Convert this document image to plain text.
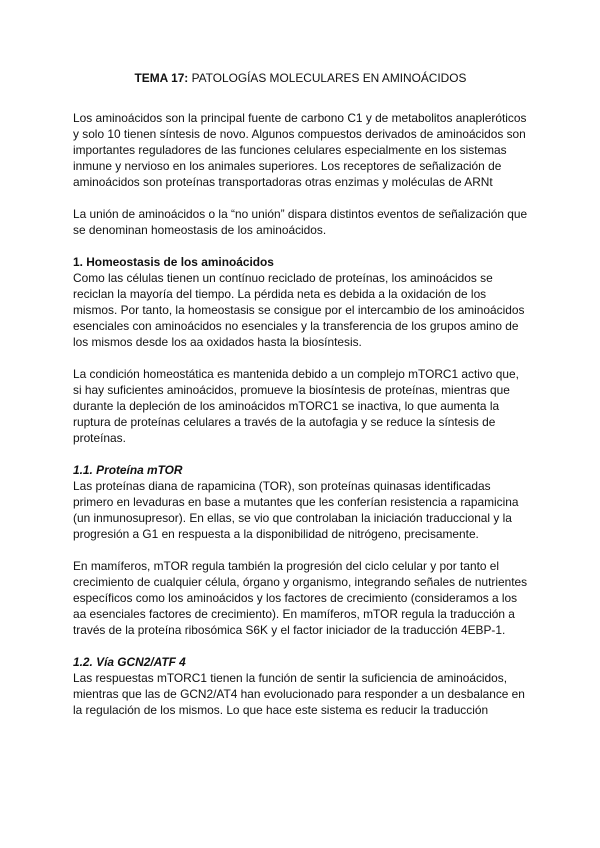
TEMA 17: PATOLOGÍAS MOLECULARES EN AMINOÁCIDOS

Los aminoácidos son la principal fuente de carbono C1 y de metabolitos anapleróticos y solo 10 tienen síntesis de novo. Algunos compuestos derivados de aminoácidos son importantes reguladores de las funciones celulares especialmente en los sistemas inmune y nervioso en los animales superiores. Los receptores de señalización de aminoácidos son proteínas transportadoras otras enzimas y moléculas de ARNt

La unión de aminoácidos o la “no unión” dispara distintos eventos de señalización que se denominan homeostasis de los aminoácidos.

1. Homeostasis de los aminoácidos

Como las células tienen un contínuo reciclado de proteínas, los aminoácidos se reciclan la mayoría del tiempo. La pérdida neta es debida a la oxidación de los mismos. Por tanto, la homeostasis se consigue por el intercambio de los aminoácidos esenciales con aminoácidos no esenciales y la transferencia de los grupos amino de los mismos desde los aa oxidados hasta la biosíntesis.

La condición homeostática es mantenida debido a un complejo mTORC1 activo que, si hay suficientes aminoácidos, promueve la biosíntesis de proteínas, mientras que durante la depleción de los aminoácidos mTORC1 se inactiva, lo que aumenta la ruptura de proteínas celulares a través de la autofagia y se reduce la síntesis de proteínas.

1.1. Proteína mTOR

Las proteínas diana de rapamicina (TOR), son proteínas quinasas identificadas primero en levaduras en base a mutantes que les conferían resistencia a rapamicina (un inmunosupresor). En ellas, se vio que controlaban la iniciación traduccional y la progresión a G1 en respuesta a la disponibilidad de nitrógeno, precisamente.

En mamíferos, mTOR regula también la progresión del ciclo celular y por tanto el crecimiento de cualquier célula, órgano y organismo, integrando señales de nutrientes específicos como los aminoácidos y los factores de crecimiento (consideramos a los aa esenciales factores de crecimiento). En mamíferos, mTOR regula la traducción a través de la proteína ribosómica S6K y el factor iniciador de la traducción 4EBP-1.

1.2. Vía GCN2/ATF 4

Las respuestas mTORC1 tienen la función de sentir la suficiencia de aminoácidos, mientras que las de GCN2/AT4 han evolucionado para responder a un desbalance en la regulación de los mismos. Lo que hace este sistema es reducir la traducción
